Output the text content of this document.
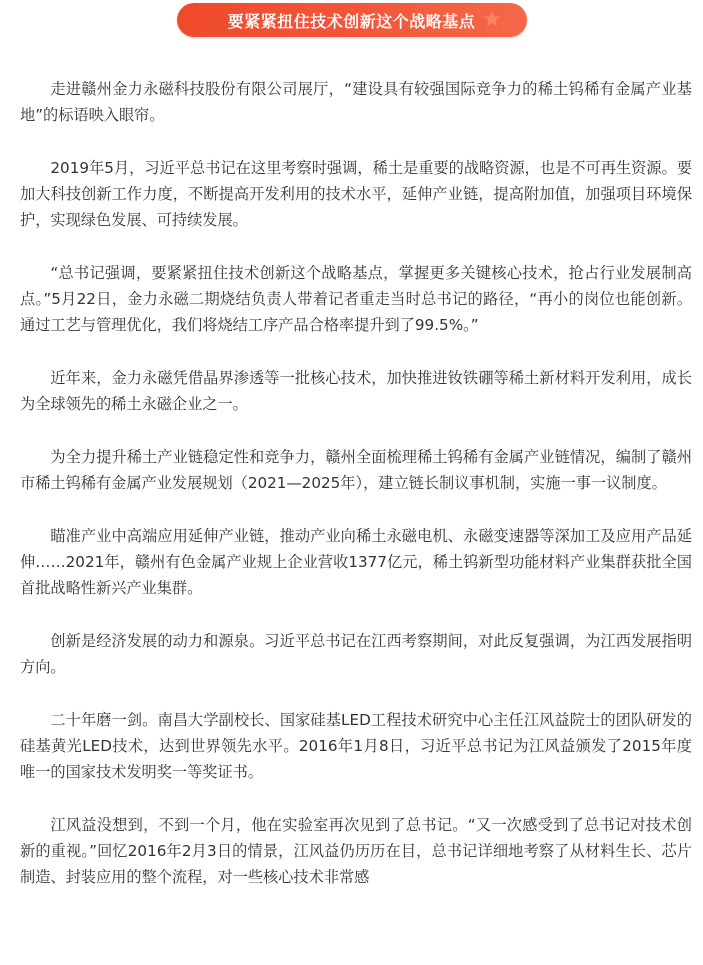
要紧紧扭住技术创新这个战略基点

走进赣州金力永磁科技股份有限公司展厅，“建设具有较强国际竞争力的稀土钨稀有金属产业基地”的标语映入眼帘。

2019年5月，习近平总书记在这里考察时强调，稀土是重要的战略资源，也是不可再生资源。要加大科技创新工作力度，不断提高开发利用的技术水平，延伸产业链，提高附加值，加强项目环境保护，实现绿色发展、可持续发展。

“总书记强调，要紧紧扭住技术创新这个战略基点，掌握更多关键核心技术，抢占行业发展制高点。”5月22日，金力永磁二期烧结负责人带着记者重走当时总书记的路径，“再小的岗位也能创新。通过工艺与管理优化，我们将烧结工序产品合格率提升到了99.5%。”

近年来，金力永磁凭借晶界渗透等一批核心技术，加快推进钕铁硼等稀土新材料开发利用，成长为全球领先的稀土永磁企业之一。

为全力提升稀土产业链稳定性和竞争力，赣州全面梳理稀土钨稀有金属产业链情况，编制了赣州市稀土钨稀有金属产业发展规划（2021—2025年），建立链长制议事机制，实施一事一议制度。

瞄准产业中高端应用延伸产业链，推动产业向稀土永磁电机、永磁变速器等深加工及应用产品延伸……2021年，赣州有色金属产业规上企业营收1377亿元，稀土钨新型功能材料产业集群获批全国首批战略性新兴产业集群。

创新是经济发展的动力和源泉。习近平总书记在江西考察期间，对此反复强调，为江西发展指明方向。

二十年磨一剑。南昌大学副校长、国家硅基LED工程技术研究中心主任江风益院士的团队研发的硅基黄光LED技术，达到世界领先水平。2016年1月8日，习近平总书记为江风益颁发了2015年度唯一的国家技术发明奖一等奖证书。

江风益没想到，不到一个月，他在实验室再次见到了总书记。“又一次感受到了总书记对技术创新的重视。”回忆2016年2月3日的情景，江风益仍历历在目，总书记详细地考察了从材料生长、芯片制造、封装应用的整个流程，对一些核心技术非常感
